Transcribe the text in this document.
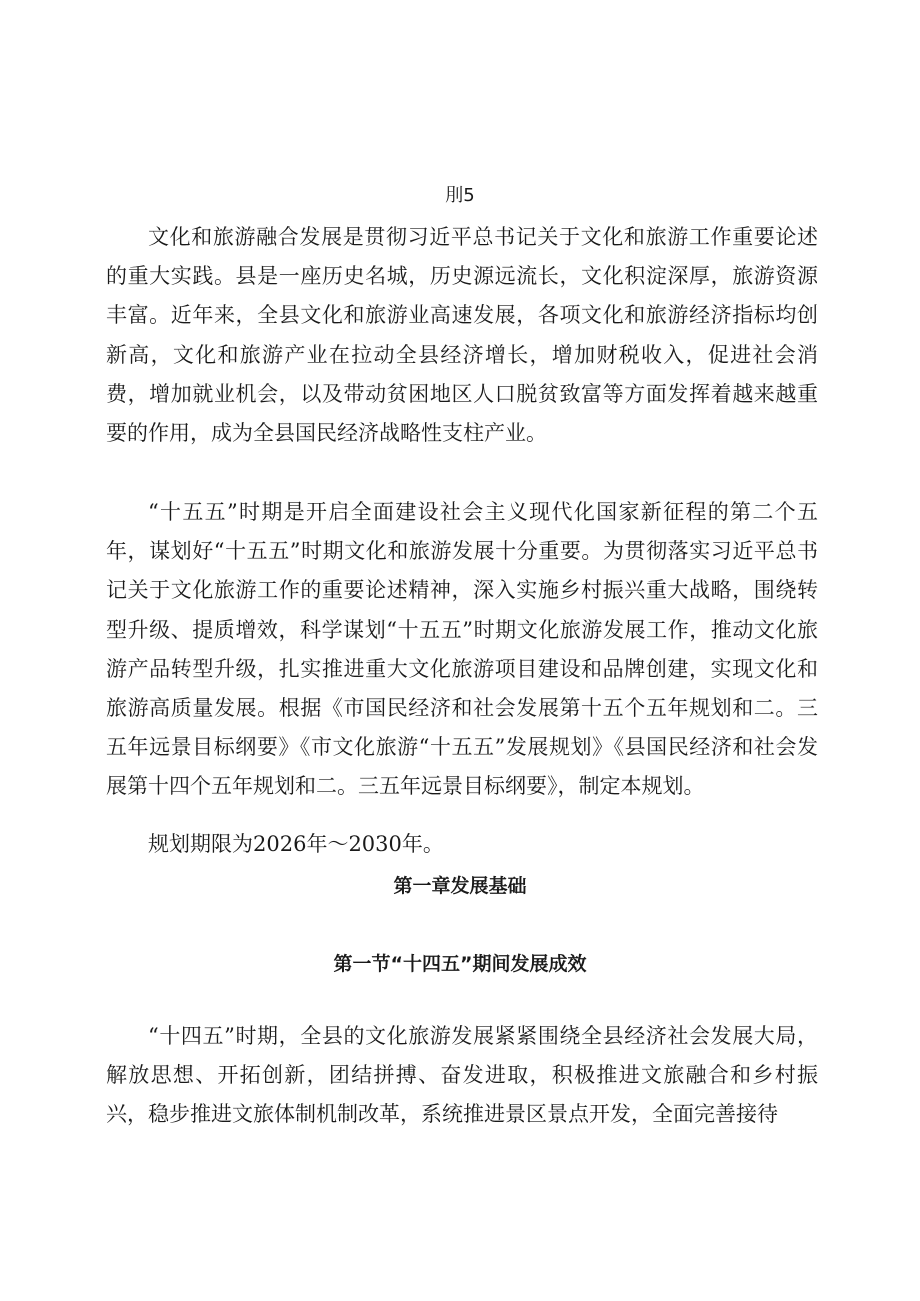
刖5

文化和旅游融合发展是贯彻习近平总书记关于文化和旅游工作重要论述的重大实践。县是一座历史名城，历史源远流长，文化积淀深厚，旅游资源丰富。近年来，全县文化和旅游业高速发展，各项文化和旅游经济指标均创新高，文化和旅游产业在拉动全县经济增长，增加财税收入，促进社会消费，增加就业机会，以及带动贫困地区人口脱贫致富等方面发挥着越来越重要的作用，成为全县国民经济战略性支柱产业。

“十五五”时期是开启全面建设社会主义现代化国家新征程的第二个五年，谋划好“十五五”时期文化和旅游发展十分重要。为贯彻落实习近平总书记关于文化旅游工作的重要论述精神，深入实施乡村振兴重大战略，围绕转型升级、提质增效，科学谋划“十五五”时期文化旅游发展工作，推动文化旅游产品转型升级，扎实推进重大文化旅游项目建设和品牌创建，实现文化和旅游高质量发展。根据《市国民经济和社会发展第十五个五年规划和二。三五年远景目标纲要》《市文化旅游“十五五”发展规划》《县国民经济和社会发展第十四个五年规划和二。三五年远景目标纲要》，制定本规划。

规划期限为2026年～2030年。

第一章发展基础
第一节“十四五”期间发展成效

“十四五”时期，全县的文化旅游发展紧紧围绕全县经济社会发展大局，解放思想、开拓创新，团结拼搏、奋发进取，积极推进文旅融合和乡村振兴，稳步推进文旅体制机制改革，系统推进景区景点开发，全面完善接待
